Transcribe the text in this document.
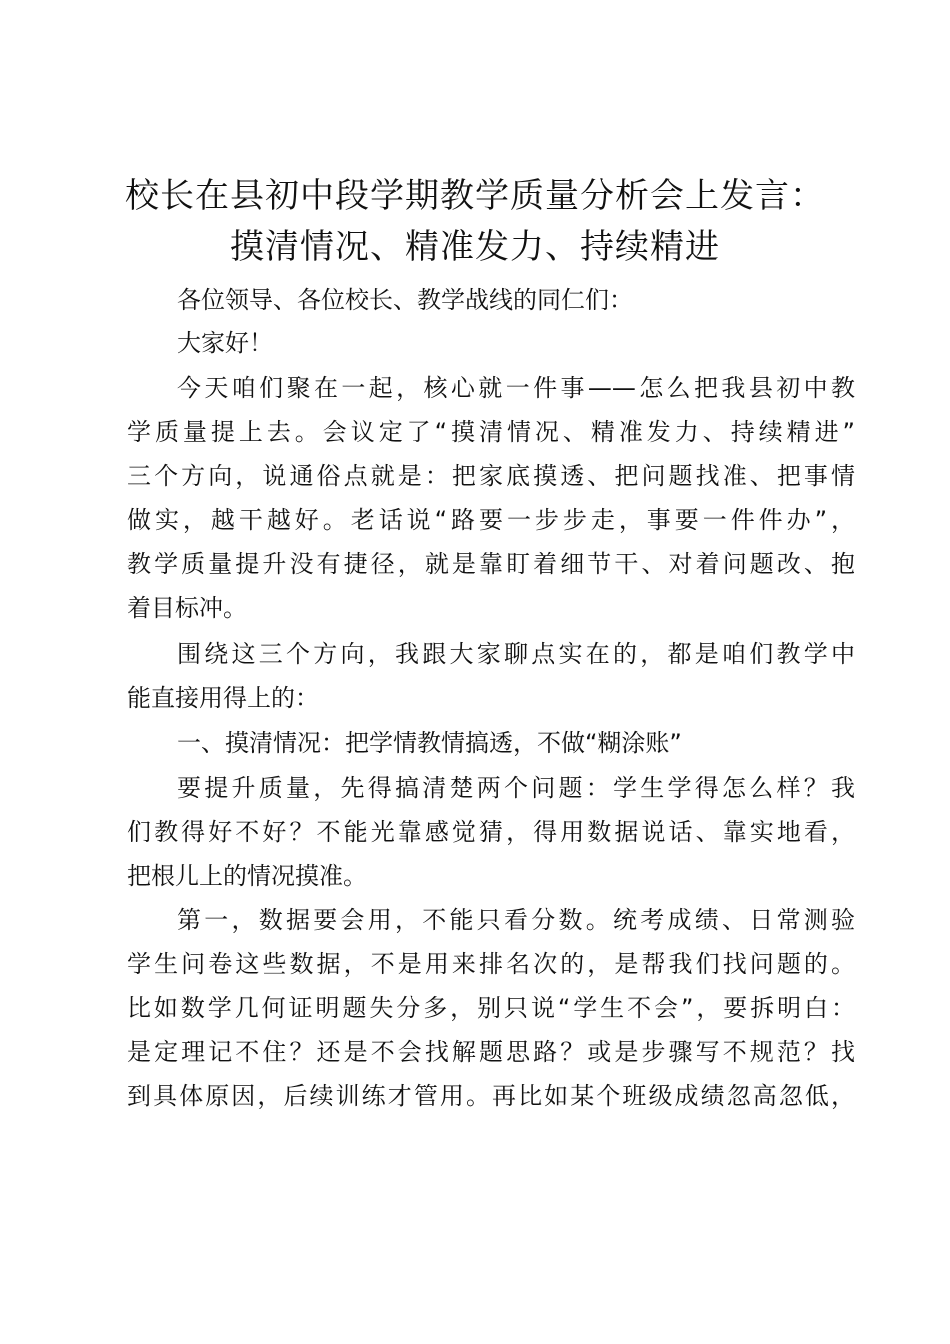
校长在县初中段学期教学质量分析会上发言：
摸清情况、精准发力、持续精进

各位领导、各位校长、教学战线的同仁们：

大家好！

今天咱们聚在一起，核心就一件事——怎么把我县初中教

学质量提上去。会议定了“摸清情况、精准发力、持续精进”

三个方向，说通俗点就是：把家底摸透、把问题找准、把事情

做实，越干越好。老话说“路要一步步走，事要一件件办”，

教学质量提升没有捷径，就是靠盯着细节干、对着问题改、抱

着目标冲。

围绕这三个方向，我跟大家聊点实在的，都是咱们教学中

能直接用得上的：

一、摸清情况：把学情教情搞透，不做“糊涂账”

要提升质量，先得搞清楚两个问题：学生学得怎么样？我

们教得好不好？不能光靠感觉猜，得用数据说话、靠实地看，

把根儿上的情况摸准。

第一，数据要会用，不能只看分数。统考成绩、日常测验

学生问卷这些数据，不是用来排名次的，是帮我们找问题的。

比如数学几何证明题失分多，别只说“学生不会”，要拆明白：

是定理记不住？还是不会找解题思路？或是步骤写不规范？找

到具体原因，后续训练才管用。再比如某个班级成绩忽高忽低，
